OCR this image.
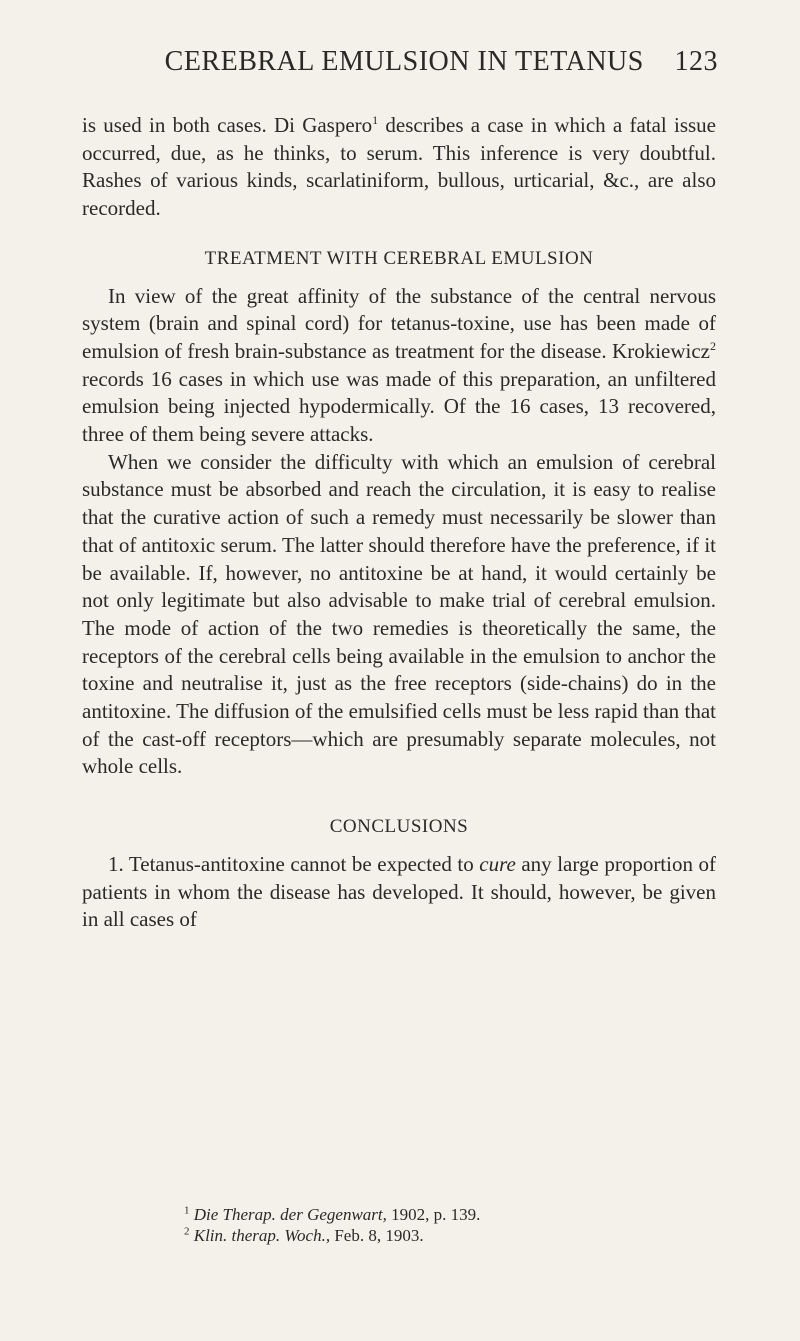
CEREBRAL EMULSION IN TETANUS	123

is used in both cases. Di Gaspero$^1$ describes a case in which a fatal issue occurred, due, as he thinks, to serum. This inference is very doubtful. Rashes of various kinds, scarlatiniform, bullous, urticarial, &c., are also recorded.

TREATMENT WITH CEREBRAL EMULSION

In view of the great affinity of the substance of the central nervous system (brain and spinal cord) for tetanus-toxine, use has been made of emulsion of fresh brain-substance as treatment for the disease. Krokiewicz$^2$ records 16 cases in which use was made of this preparation, an unfiltered emulsion being injected hypodermically. Of the 16 cases, 13 recovered, three of them being severe attacks.

When we consider the difficulty with which an emulsion of cerebral substance must be absorbed and reach the circulation, it is easy to realise that the curative action of such a remedy must necessarily be slower than that of antitoxic serum. The latter should therefore have the preference, if it be available. If, however, no antitoxine be at hand, it would certainly be not only legitimate but also advisable to make trial of cerebral emulsion. The mode of action of the two remedies is theoretically the same, the receptors of the cerebral cells being available in the emulsion to anchor the toxine and neutralise it, just as the free receptors (side-chains) do in the antitoxine. The diffusion of the emulsified cells must be less rapid than that of the cast-off receptors—which are presumably separate molecules, not whole cells.

CONCLUSIONS

1. Tetanus-antitoxine cannot be expected to cure any large proportion of patients in whom the disease has developed. It should, however, be given in all cases of

$^1$ Die Therap. der Gegenwart, 1902, p. 139.
$^2$ Klin. therap. Woch., Feb. 8, 1903.
